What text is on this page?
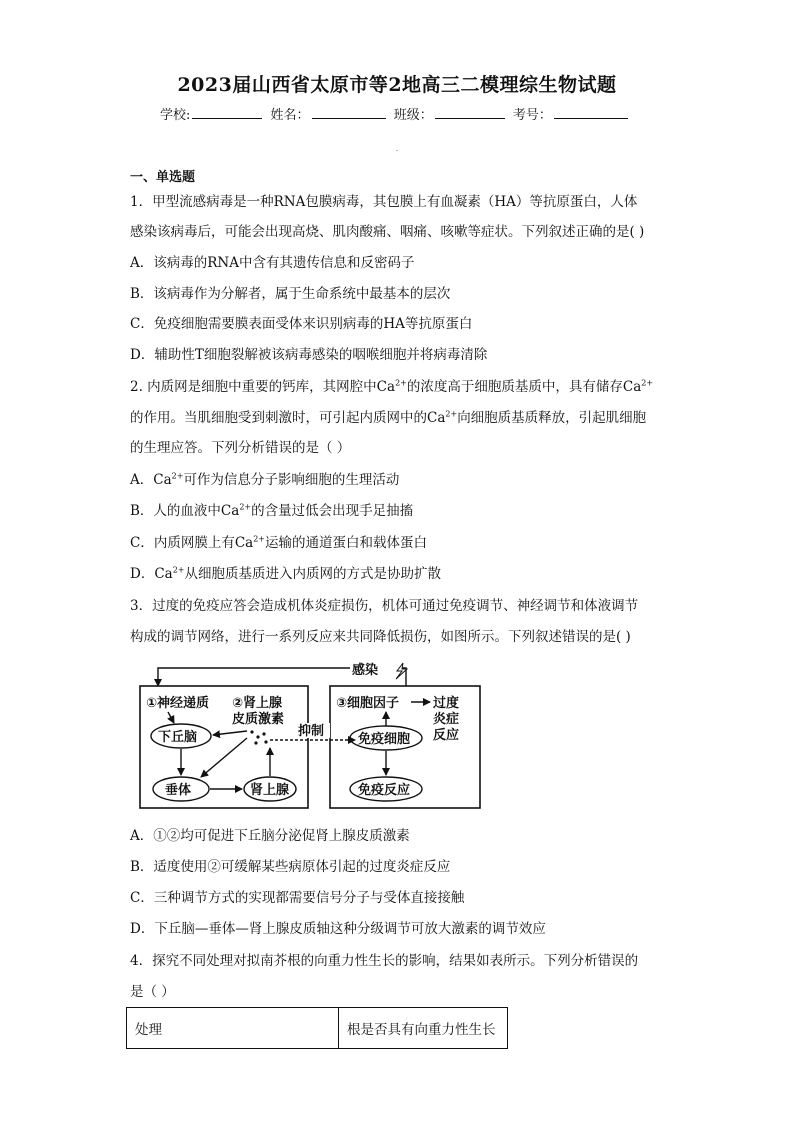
2023届山西省太原市等2地高三二模理综生物试题
学校:	姓名：	班级：	考号：
一、单选题
1．甲型流感病毒是一种RNA包膜病毒，其包膜上有血凝素（HA）等抗原蛋白，人体
感染该病毒后，可能会出现高烧、肌肉酸痛、咽痛、咳嗽等症状。下列叙述正确的是( )
A．该病毒的RNA中含有其遗传信息和反密码子
B．该病毒作为分解者，属于生命系统中最基本的层次
C．免疫细胞需要膜表面受体来识别病毒的HA等抗原蛋白
D．辅助性T细胞裂解被该病毒感染的咽喉细胞并将病毒清除
2. 内质网是细胞中重要的钙库，其网腔中$Ca^{2+}$的浓度高于细胞质基质中，具有储存$Ca^{2+}$
的作用。当肌细胞受到刺激时，可引起内质网中的$Ca^{2+}$向细胞质基质释放，引起肌细胞
的生理应答。下列分析错误的是（ ）
A．$Ca^{2+}$可作为信息分子影响细胞的生理活动
B．人的血液中$Ca^{2+}$的含量过低会出现手足抽搐
C．内质网膜上有$Ca^{2+}$运输的通道蛋白和载体蛋白
D．$Ca^{2+}$从细胞质基质进入内质网的方式是协助扩散
3．过度的免疫应答会造成机体炎症损伤，机体可通过免疫调节、神经调节和体液调节
构成的调节网络，进行一系列反应来共同降低损伤，如图所示。下列叙述错误的是( )
感染
①神经递质 ②肾上腺
皮质激素
下丘脑
垂体	肾上腺
抑制
③细胞因子	过度
炎症
反应
免疫细胞
免疫反应
A．①②均可促进下丘脑分泌促肾上腺皮质激素
B．适度使用②可缓解某些病原体引起的过度炎症反应
C．三种调节方式的实现都需要信号分子与受体直接接触
D．下丘脑—垂体—肾上腺皮质轴这种分级调节可放大激素的调节效应
4．探究不同处理对拟南芥根的向重力性生长的影响，结果如表所示。下列分析错误的
是（ ）
处理	根是否具有向重力性生长
